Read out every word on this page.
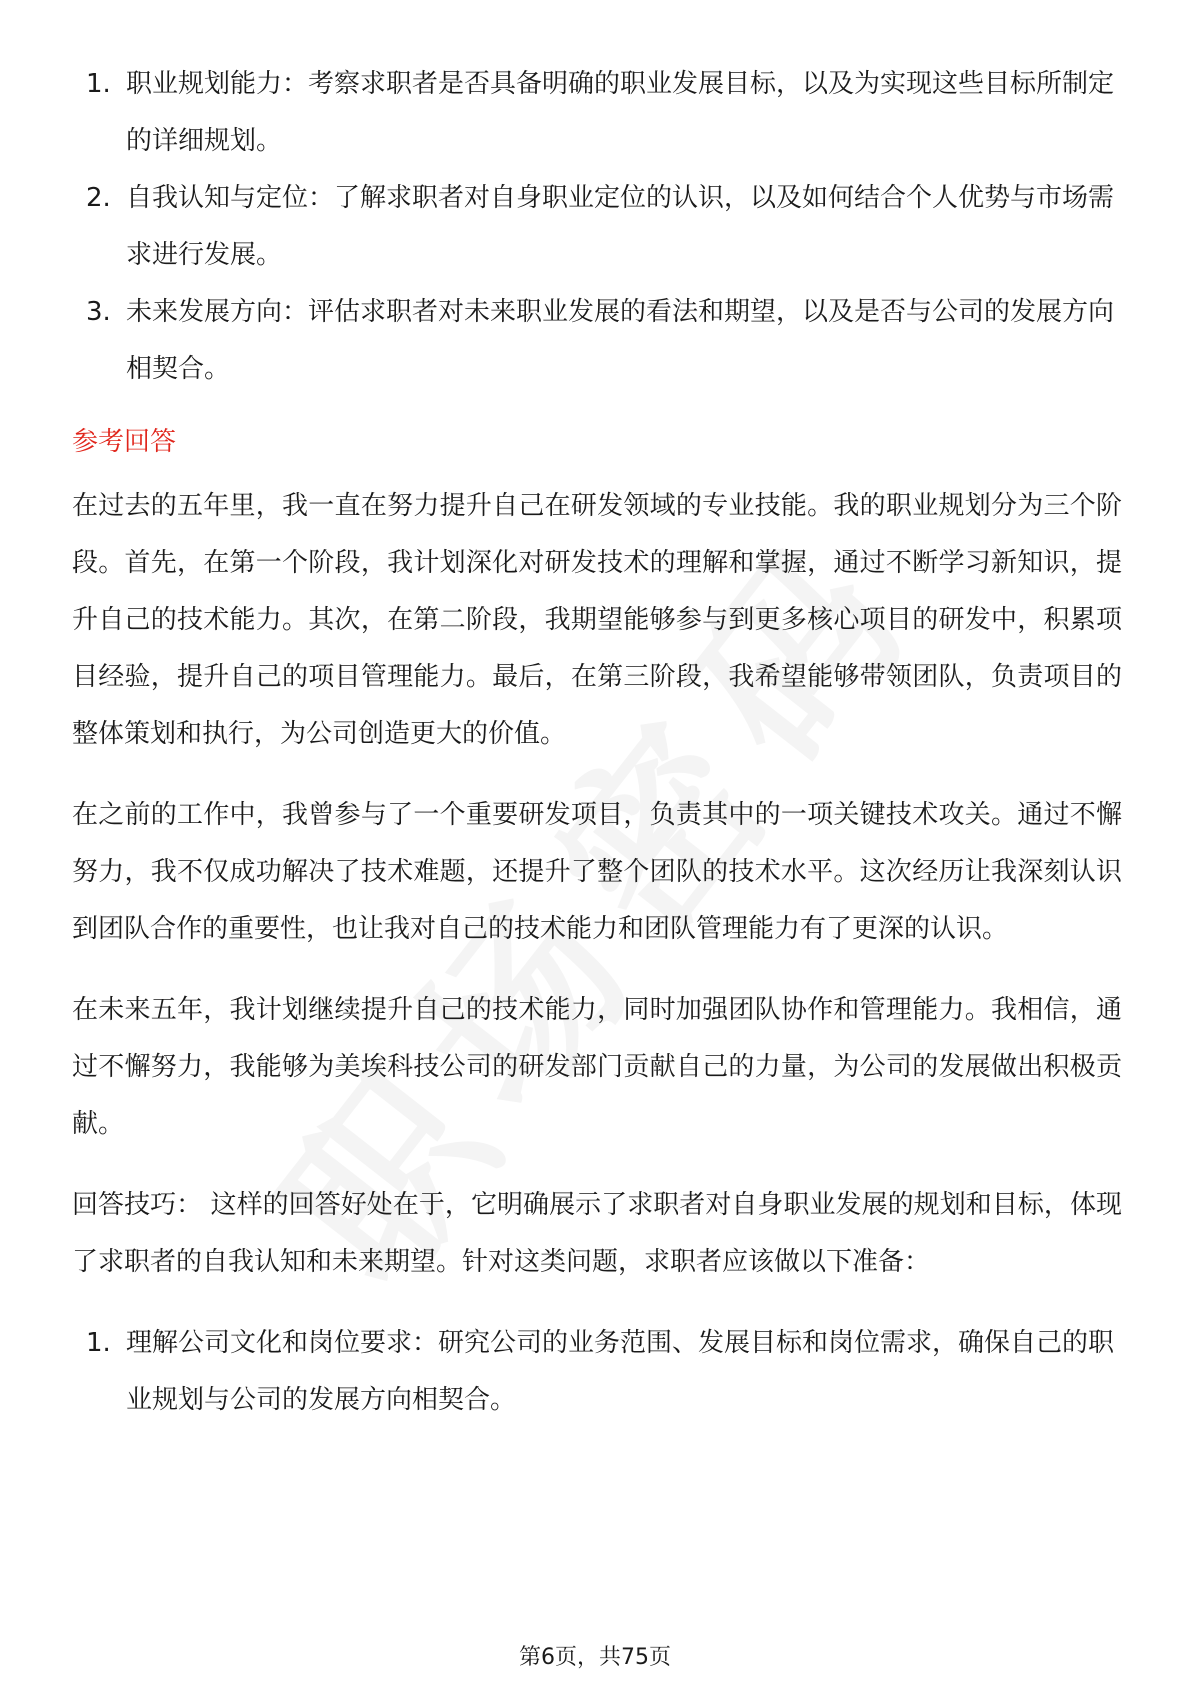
1. 职业规划能力：考察求职者是否具备明确的职业发展目标，以及为实现这些目标所制定的详细规划。
2. 自我认知与定位：了解求职者对自身职业定位的认识，以及如何结合个人优势与市场需求进行发展。
3. 未来发展方向：评估求职者对未来职业发展的看法和期望，以及是否与公司的发展方向相契合。
参考回答

在过去的五年里，我一直在努力提升自己在研发领域的专业技能。我的职业规划分为三个阶段。首先，在第一个阶段，我计划深化对研发技术的理解和掌握，通过不断学习新知识，提升自己的技术能力。其次，在第二阶段，我期望能够参与到更多核心项目的研发中，积累项目经验，提升自己的项目管理能力。最后，在第三阶段，我希望能够带领团队，负责项目的整体策划和执行，为公司创造更大的价值。

在之前的工作中，我曾参与了一个重要研发项目，负责其中的一项关键技术攻关。通过不懈努力，我不仅成功解决了技术难题，还提升了整个团队的技术水平。这次经历让我深刻认识到团队合作的重要性，也让我对自己的技术能力和团队管理能力有了更深的认识。

在未来五年，我计划继续提升自己的技术能力，同时加强团队协作和管理能力。我相信，通过不懈努力，我能够为美埃科技公司的研发部门贡献自己的力量，为公司的发展做出积极贡献。

回答技巧： 这样的回答好处在于，它明确展示了求职者对自身职业发展的规划和目标，体现了求职者的自我认知和未来期望。针对这类问题，求职者应该做以下准备：

1. 理解公司文化和岗位要求：研究公司的业务范围、发展目标和岗位需求，确保自己的职业规划与公司的发展方向相契合。
第6页，共75页
